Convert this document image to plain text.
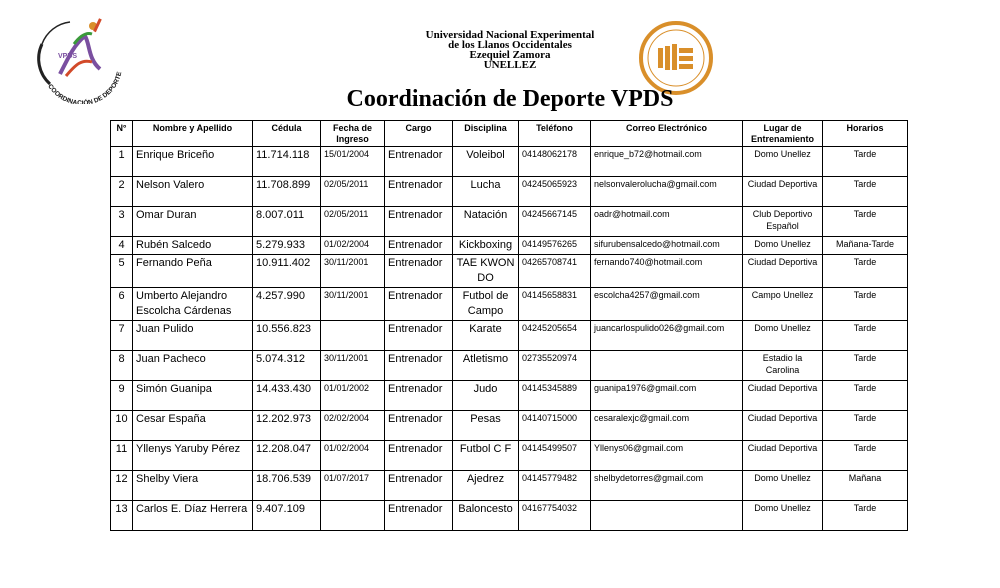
VPDS
COORDINACIÓN DE DEPORTE
Universidad Nacional Experimental
de los Llanos Occidentales
Ezequiel Zamora
UNELLEZ
Coordinación de Deporte VPDS
N°	Nombre y Apellido	Cédula	Fecha de Ingreso	Cargo	Disciplina	Teléfono	Correo Electrónico	Lugar de Entrenamiento	Horarios
1	Enrique Briceño	11.714.118	15/01/2004	Entrenador	Voleibol	04148062178	enrique_b72@hotmail.com	Domo Unellez	Tarde
2	Nelson Valero	11.708.899	02/05/2011	Entrenador	Lucha	04245065923	nelsonvalerolucha@gmail.com	Ciudad Deportiva	Tarde
3	Omar Duran	8.007.011	02/05/2011	Entrenador	Natación	04245667145	oadr@hotmail.com	Club Deportivo Español	Tarde
4	Rubén Salcedo	5.279.933	01/02/2004	Entrenador	Kickboxing	04149576265	sifurubensalcedo@hotmail.com	Domo Unellez	Mañana-Tarde
5	Fernando Peña	10.911.402	30/11/2001	Entrenador	TAE KWON DO	04265708741	fernando740@hotmail.com	Ciudad Deportiva	Tarde
6	Umberto Alejandro Escolcha Cárdenas	4.257.990	30/11/2001	Entrenador	Futbol de Campo	04145658831	escolcha4257@gmail.com	Campo Unellez	Tarde
7	Juan Pulido	10.556.823		Entrenador	Karate	04245205654	juancarlospulido026@gmail.com	Domo Unellez	Tarde
8	Juan Pacheco	5.074.312	30/11/2001	Entrenador	Atletismo	02735520974		Estadio la Carolina	Tarde
9	Simón Guanipa	14.433.430	01/01/2002	Entrenador	Judo	04145345889	guanipa1976@gmail.com	Ciudad Deportiva	Tarde
10	Cesar España	12.202.973	02/02/2004	Entrenador	Pesas	04140715000	cesaralexjc@gmail.com	Ciudad Deportiva	Tarde
11	Yllenys Yaruby Pérez	12.208.047	01/02/2004	Entrenador	Futbol C F	04145499507	Yllenys06@gmail.com	Ciudad Deportiva	Tarde
12	Shelby Viera	18.706.539	01/07/2017	Entrenador	Ajedrez	04145779482	shelbydetorres@gmail.com	Domo Unellez	Mañana
13	Carlos E. Díaz Herrera	9.407.109		Entrenador	Baloncesto	04167754032		Domo Unellez	Tarde
